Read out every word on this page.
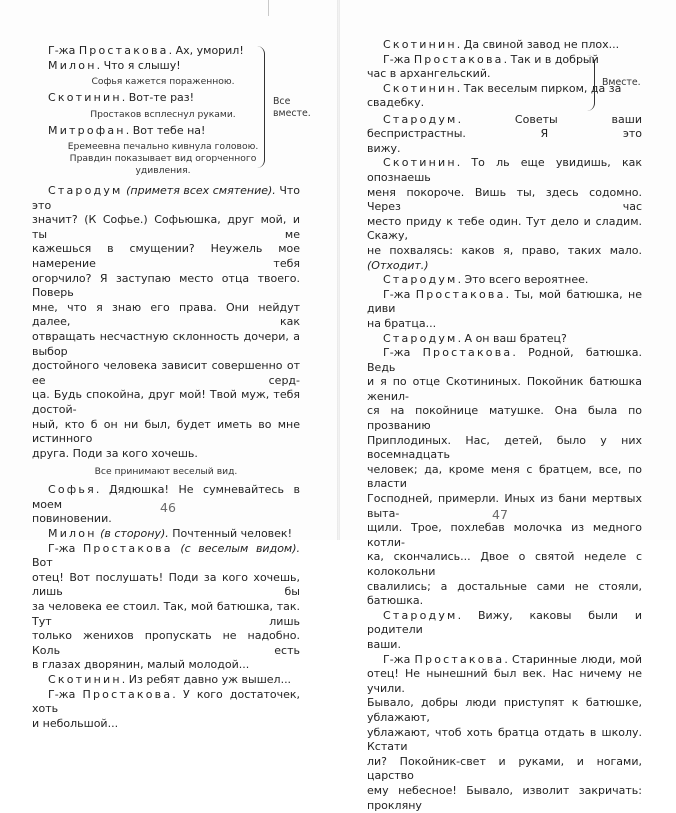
Г-жа Простакова. Ах, уморил!

Милон. Что я слышу!

Софья кажется пораженною.

Скотинин. Вот-те раз!

Простаков всплеснул руками.

Митрофан. Вот тебе на!

Еремеевна печально кивнула головою.

Правдин показывает вид огорченного удивления.

Все
вместе.

Стародум (приметя всех смятение). Что это

значит? (К Софье.) Софьюшка, друг мой, и ты ме

кажешься в смущении? Неужель мое намерение тебя

огорчило? Я заступаю место отца твоего. Поверь

мне, что я знаю его права. Они нейдут далее, как

отвращать несчастную склонность дочери, а выбор

достойного человека зависит совершенно от ее серд-

ца. Будь спокойна, друг мой! Твой муж, тебя достой-

ный, кто б он ни был, будет иметь во мне истинного

друга. Поди за кого хочешь.

Все принимают веселый вид.

Софья. Дядюшка! Не сумневайтесь в моем

повиновении.

Милон (в сторону). Почтенный человек!

Г-жа Простакова (с веселым видом). Вот

отец! Вот послушать! Поди за кого хочешь, лишь бы

за человека ее стоил. Так, мой батюшка, так. Тут лишь

только женихов пропускать не надобно. Коль есть

в глазах дворянин, малый молодой...

Скотинин. Из ребят давно уж вышел...

Г-жа Простакова. У кого достаточек, хоть

и небольшой...

46

Скотинин. Да свиной завод не плох...

Г-жа Простакова. Так и в добрый

час в архангельский.

Скотинин. Так веселым пирком, да за

свадебку.

Вместе.

Стародум. Советы ваши беспристрастны. Я это

вижу.

Скотинин. То ль еще увидишь, как опознаешь

меня покороче. Вишь ты, здесь содомно. Через час

место приду к тебе один. Тут дело и сладим. Скажу,

не похвалясь: каков я, право, таких мало. (Отходит.)

Стародум. Это всего вероятнее.

Г-жа Простакова. Ты, мой батюшка, не диви

на братца...

Стародум. А он ваш братец?

Г-жа Простакова. Родной, батюшка. Ведь

и я по отце Скотининых. Покойник батюшка женил-

ся на покойнице матушке. Она была по прозванию

Приплодиных. Нас, детей, было у них восемнадцать

человек; да, кроме меня с братцем, все, по власти

Господней, примерли. Иных из бани мертвых выта-

щили. Трое, похлебав молочка из медного котли-

ка, скончались... Двое о святой неделе с колокольни

свалились; а достальные сами не стояли, батюшка.

Стародум. Вижу, каковы были и родители

ваши.

Г-жа Простакова. Старинные люди, мой

отец! Не нынешний был век. Нас ничему не учили.

Бывало, добры люди приступят к батюшке, ублажают,

ублажают, чтоб хоть братца отдать в школу. Кстати

ли? Покойник-свет и руками, и ногами, царство

ему небесное! Бывало, изволит закричать: прокляну

47
